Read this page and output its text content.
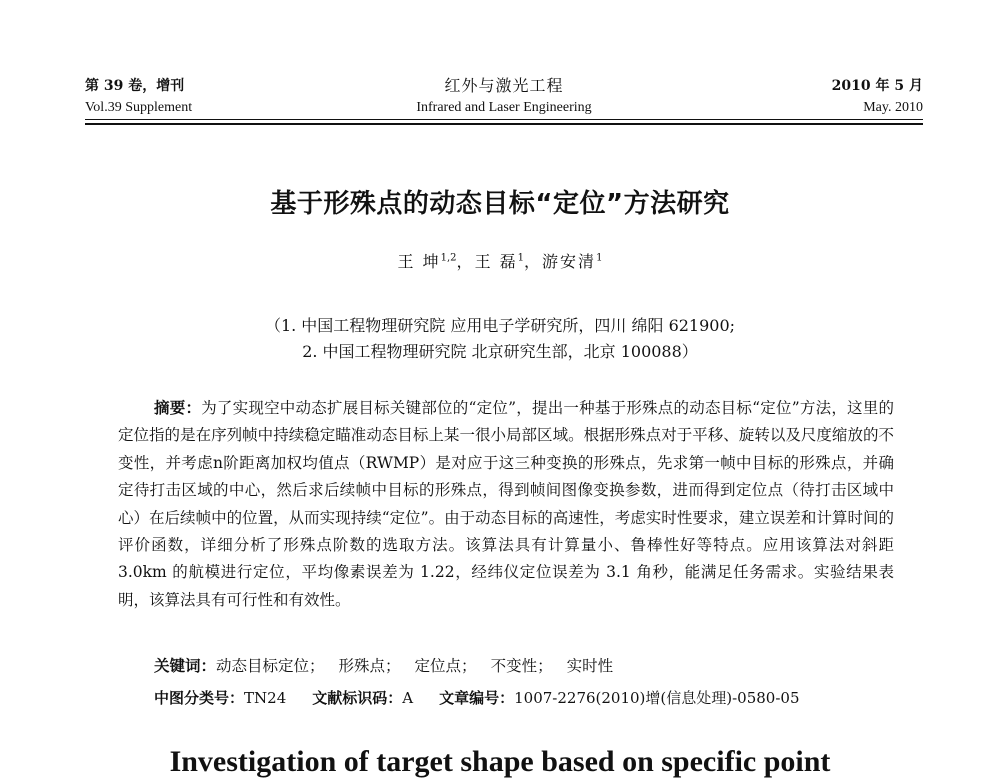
第 39 卷，增刊
Vol.39 Supplement
红外与激光工程
Infrared and Laser Engineering
2010 年 5 月
May. 2010
基于形殊点的动态目标“定位”方法研究
王 坤$^{1,2}$，王 磊$^1$，游安清$^1$
（1. 中国工程物理研究院 应用电子学研究所，四川 绵阳 621900;
2. 中国工程物理研究院 北京研究生部，北京 100088）

摘要：为了实现空中动态扩展目标关键部位的“定位”，提出一种基于形殊点的动态目标“定位”方法，这里的定位指的是在序列帧中持续稳定瞄准动态目标上某一很小局部区域。根据形殊点对于平移、旋转以及尺度缩放的不变性，并考虑n阶距离加权均值点（RWMP）是对应于这三种变换的形殊点，先求第一帧中目标的形殊点，并确定待打击区域的中心，然后求后续帧中目标的形殊点，得到帧间图像变换参数，进而得到定位点（待打击区域中心）在后续帧中的位置，从而实现持续“定位”。由于动态目标的高速性，考虑实时性要求，建立误差和计算时间的评价函数，详细分析了形殊点阶数的选取方法。该算法具有计算量小、鲁棒性好等特点。应用该算法对斜距 3.0km 的航模进行定位，平均像素误差为 1.22，经纬仪定位误差为 3.1 角秒，能满足任务需求。实验结果表明，该算法具有可行性和有效性。

关键词：动态目标定位； 形殊点； 定位点； 不变性； 实时性
中图分类号：TN24 文献标识码：A 文章编号：1007-2276(2010)增(信息处理)-0580-05
Investigation of target shape based on specific point
